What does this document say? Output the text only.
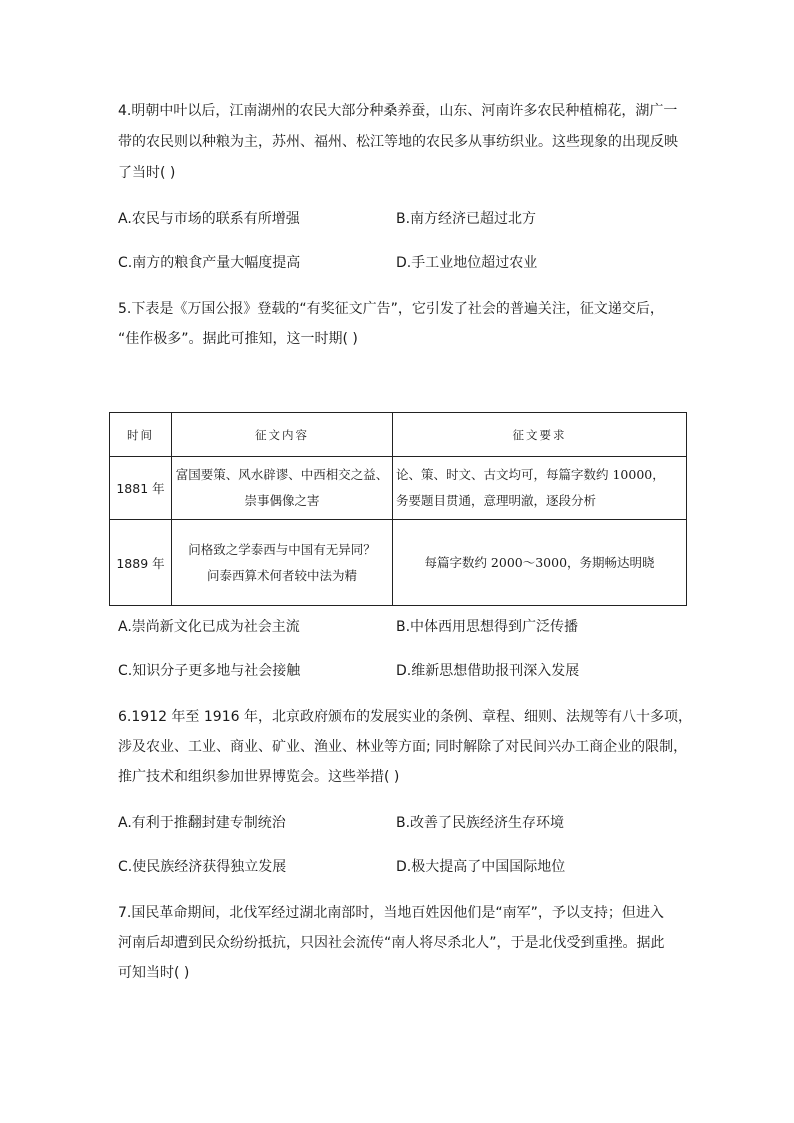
4.明朝中叶以后，江南湖州的农民大部分种桑养蚕，山东、河南许多农民种植棉花，湖广一
带的农民则以种粮为主，苏州、福州、松江等地的农民多从事纺织业。这些现象的出现反映
了当时( )
A.农民与市场的联系有所增强	B.南方经济已超过北方
C.南方的粮食产量大幅度提高	D.手工业地位超过农业
5.下表是《万国公报》登载的“有奖征文广告”，它引发了社会的普遍关注，征文递交后，
“佳作极多”。据此可推知，这一时期( )
时间	征文内容	征文要求
1881 年	富国要策、风水辟谬、中西相交之益、
崇事偶像之害	论、策、时文、古文均可，每篇字数约 10000，
务要题目贯通，意理明澈，逐段分析

1889 年	问格致之学泰西与中国有无异同？
问泰西算术何者较中法为精	每篇字数约 2000～3000，务期畅达明晓
A.崇尚新文化已成为社会主流	B.中体西用思想得到广泛传播
C.知识分子更多地与社会接触	D.维新思想借助报刊深入发展
6.1912 年至 1916 年，北京政府颁布的发展实业的条例、章程、细则、法规等有八十多项，
涉及农业、工业、商业、矿业、渔业、林业等方面; 同时解除了对民间兴办工商企业的限制，
推广技术和组织参加世界博览会。这些举措( )
A.有利于推翻封建专制统治	B.改善了民族经济生存环境
C.使民族经济获得独立发展	D.极大提高了中国国际地位
7.国民革命期间，北伐军经过湖北南部时，当地百姓因他们是“南军”，予以支持；但进入
河南后却遭到民众纷纷抵抗，只因社会流传“南人将尽杀北人”，于是北伐受到重挫。据此
可知当时( )
